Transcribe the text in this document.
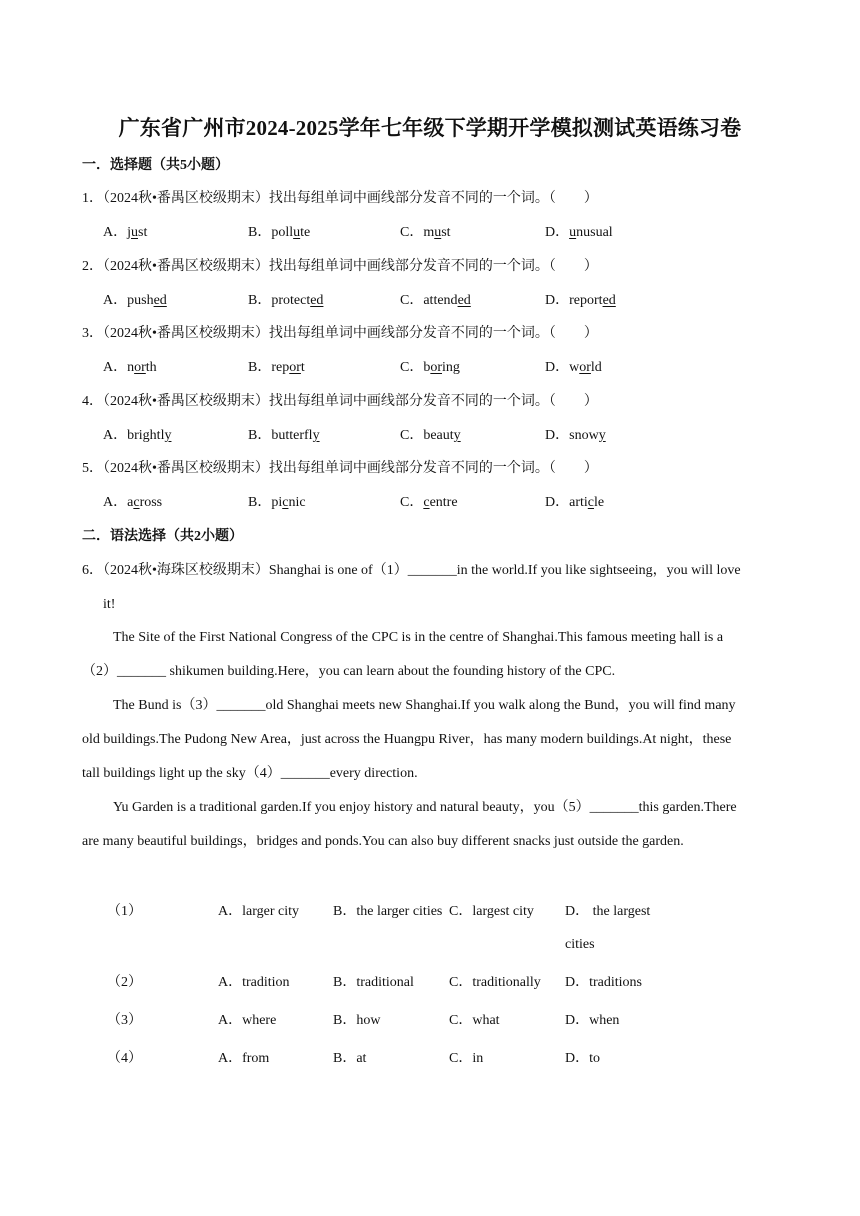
广东省广州市2024-2025学年七年级下学期开学模拟测试英语练习卷
一．选择题（共5小题）
1．（2024秋•番禺区校级期末）找出每组单词中画线部分发音不同的一个词。（　　）
A．just	B．pollute	C．must	D．unusual
2．（2024秋•番禺区校级期末）找出每组单词中画线部分发音不同的一个词。（　　）
A．pushed	B．protected	C．attended	D．reported
3．（2024秋•番禺区校级期末）找出每组单词中画线部分发音不同的一个词。（　　）
A．north	B．report	C．boring	D．world
4．（2024秋•番禺区校级期末）找出每组单词中画线部分发音不同的一个词。（　　）
A．brightly	B．butterfly	C．beauty	D．snowy
5．（2024秋•番禺区校级期末）找出每组单词中画线部分发音不同的一个词。（　　）
A．across	B．picnic	C．centre	D．article
二．语法选择（共2小题）
6．（2024秋•海珠区校级期末）Shanghai is one of（1）_______in the world.If you like sightseeing，you will love
it!
The Site of the First National Congress of the CPC is in the centre of Shanghai.This famous meeting hall is a
（2）_______ shikumen building.Here，you can learn about the founding history of the CPC.
The Bund is（3）_______old Shanghai meets new Shanghai.If you walk along the Bund，you will find many
old buildings.The Pudong New Area，just across the Huangpu River，has many modern buildings.At night，these
tall buildings light up the sky（4）_______every direction.
Yu Garden is a traditional garden.If you enjoy history and natural beauty，you（5）_______this garden.There
are many beautiful buildings，bridges and ponds.You can also buy different snacks just outside the garden.
（1）	A．larger city B．the larger cities C．largest city D． the largest
cities
（2）	A．tradition	B．traditional	C．traditionally D．traditions
（3）	A．where	B．how	C．what	D．when
（4）	A．from	B．at	C．in	D．to
